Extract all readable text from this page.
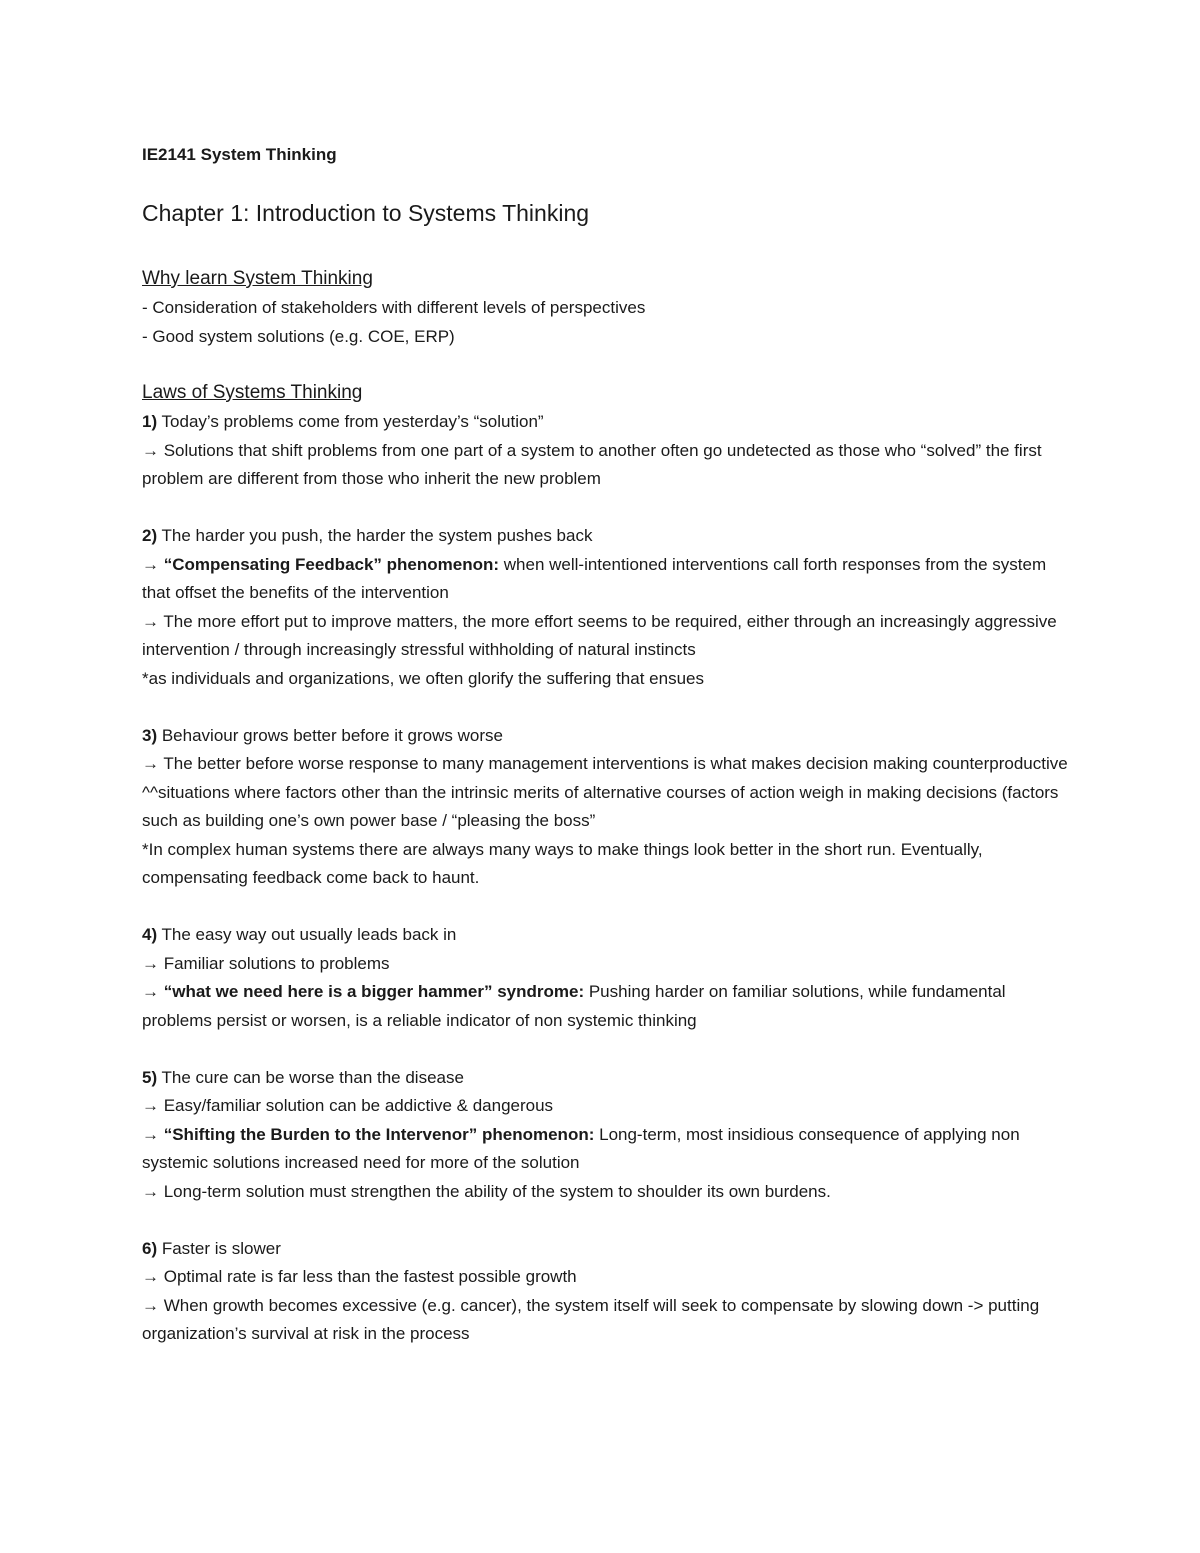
IE2141 System Thinking

Chapter 1: Introduction to Systems Thinking
Why learn System Thinking

- Consideration of stakeholders with different levels of perspectives

- Good system solutions (e.g. COE, ERP)

Laws of Systems Thinking

1) Today’s problems come from yesterday’s “solution”

→ Solutions that shift problems from one part of a system to another often go undetected as those who “solved” the first problem are different from those who inherit the new problem

2) The harder you push, the harder the system pushes back

→ “Compensating Feedback” phenomenon: when well-intentioned interventions call forth responses from the system that offset the benefits of the intervention

→ The more effort put to improve matters, the more effort seems to be required, either through an increasingly aggressive intervention / through increasingly stressful withholding of natural instincts

*as individuals and organizations, we often glorify the suffering that ensues

3) Behaviour grows better before it grows worse

→ The better before worse response to many management interventions is what makes decision making counterproductive

^^situations where factors other than the intrinsic merits of alternative courses of action weigh in making decisions (factors such as building one’s own power base / “pleasing the boss”

*In complex human systems there are always many ways to make things look better in the short run. Eventually, compensating feedback come back to haunt.

4) The easy way out usually leads back in

→ Familiar solutions to problems

→ “what we need here is a bigger hammer” syndrome: Pushing harder on familiar solutions, while fundamental problems persist or worsen, is a reliable indicator of non systemic thinking

5) The cure can be worse than the disease

→ Easy/familiar solution can be addictive & dangerous

→ “Shifting the Burden to the Intervenor” phenomenon: Long-term, most insidious consequence of applying non systemic solutions increased need for more of the solution

→ Long-term solution must strengthen the ability of the system to shoulder its own burdens.

6) Faster is slower

→ Optimal rate is far less than the fastest possible growth

→ When growth becomes excessive (e.g. cancer), the system itself will seek to compensate by slowing down -> putting organization’s survival at risk in the process
